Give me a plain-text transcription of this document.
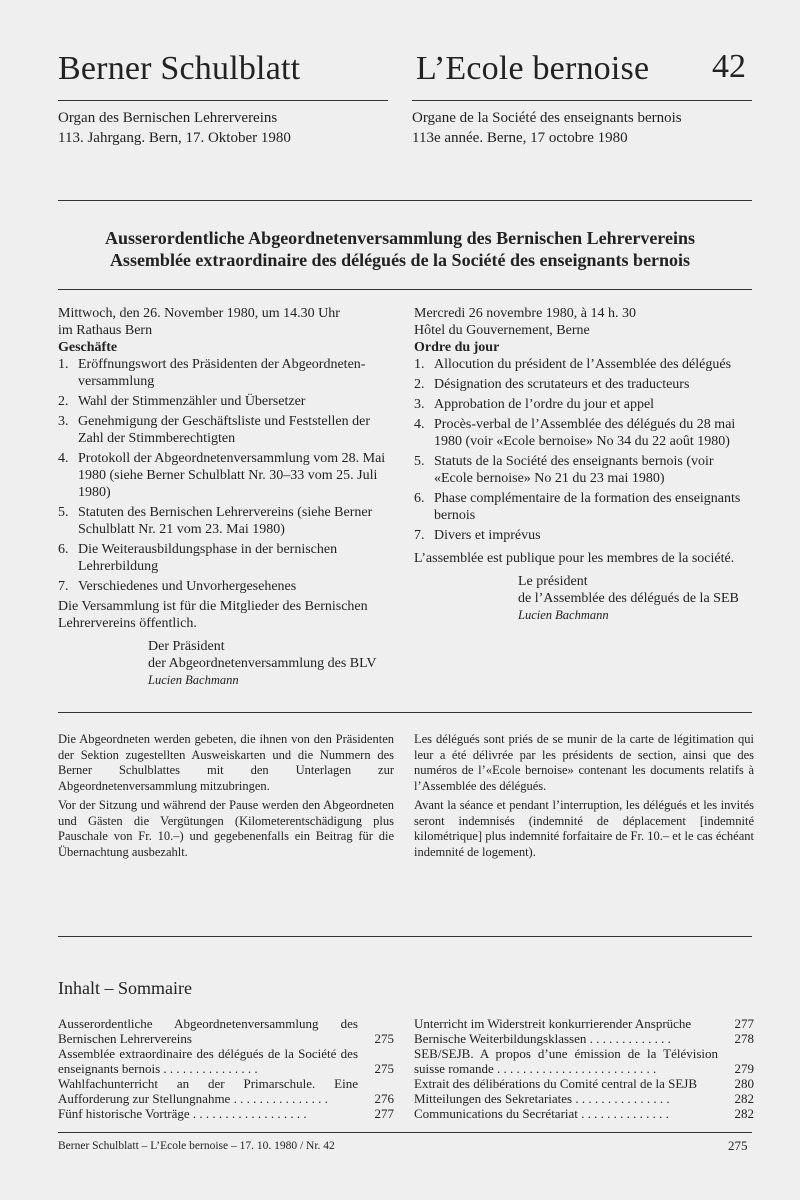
Berner Schulblatt	L’Ecole bernoise 42
Organ des Bernischen Lehrervereins
113. Jahrgang. Bern, 17. Oktober 1980
Organe de la Société des enseignants bernois
113e année. Berne, 17 octobre 1980
Ausserordentliche Abgeordnetenversammlung des Bernischen Lehrervereins
Assemblée extraordinaire des délégués de la Société des enseignants bernois

Mittwoch, den 26. November 1980, um 14.30 Uhr

im Rathaus Bern

Geschäfte

1. Eröffnungswort des Präsidenten der Abgeordnetenversammlung
2. Wahl der Stimmenzähler und Übersetzer
3. Genehmigung der Geschäftsliste und Feststellen der Zahl der Stimmberechtigten
4. Protokoll der Abgeordnetenversammlung vom 28. Mai 1980 (siehe Berner Schulblatt Nr. 30–33 vom 25. Juli 1980)
5. Statuten des Bernischen Lehrervereins (siehe Berner Schulblatt Nr. 21 vom 23. Mai 1980)
6. Die Weiterausbildungsphase in der bernischen Lehrerbildung
7. Verschiedenes und Unvorhergesehenes

Die Versammlung ist für die Mitglieder des Bernischen Lehrervereins öffentlich.

Der Präsident
der Abgeordnetenversammlung des BLV
Lucien Bachmann

Die Abgeordneten werden gebeten, die ihnen von den Präsidenten der Sektion zugestellten Ausweiskarten und die Nummern des Berner Schulblattes mit den Unterlagen zur Abgeordnetenversammlung mitzubringen.

Vor der Sitzung und während der Pause werden den Abgeordneten und Gästen die Vergütungen (Kilometerentschädigung plus Pauschale von Fr. 10.–) und gegebenenfalls ein Beitrag für die Übernachtung ausbezahlt.

Mercredi 26 novembre 1980, à 14 h. 30

Hôtel du Gouvernement, Berne

Ordre du jour

1. Allocution du président de l’Assemblée des délégués
2. Désignation des scrutateurs et des traducteurs
3. Approbation de l’ordre du jour et appel
4. Procès-verbal de l’Assemblée des délégués du 28 mai 1980 (voir «Ecole bernoise» No 34 du 22 août 1980)
5. Statuts de la Société des enseignants bernois (voir «Ecole bernoise» No 21 du 23 mai 1980)
6. Phase complémentaire de la formation des enseignants bernois
7. Divers et imprévus

L’assemblée est publique pour les membres de la société.

Le président
de l’Assemblée des délégués de la SEB
Lucien Bachmann

Les délégués sont priés de se munir de la carte de légitimation qui leur a été délivrée par les présidents de section, ainsi que des numéros de l’«Ecole bernoise» contenant les documents relatifs à l’Assemblée des délégués.

Avant la séance et pendant l’interruption, les délégués et les invités seront indemnisés (indemnité de déplacement [indemnité kilométrique] plus indemnité forfaitaire de Fr. 10.– et le cas échéant indemnité de logement).

Inhalt – Sommaire
Ausserordentliche Abgeordnetenversammlung des Bernischen Lehrervereins	275
Assemblée extraordinaire des délégués de la Société des enseignants bernois . . . . . . . . . . . . . . .	275
Wahlfachunterricht an der Primarschule. Eine Aufforderung zur Stellungnahme . . . . . . . . . . . . . . .	276
Fünf historische Vorträge . . . . . . . . . . . . . . . . . .	277
Unterricht im Widerstreit konkurrierender Ansprüche	277
Bernische Weiterbildungsklassen . . . . . . . . . . . . .	278
SEB/SEJB. A propos d’une émission de la Télévision suisse romande . . . . . . . . . . . . . . . . . . . . . . . . .	279
Extrait des délibérations du Comité central de la SEJB	280
Mitteilungen des Sekretariates . . . . . . . . . . . . . . .	282
Communications du Secrétariat . . . . . . . . . . . . . .	282
Berner Schulblatt – L’Ecole bernoise – 17. 10. 1980 / Nr. 42	275
